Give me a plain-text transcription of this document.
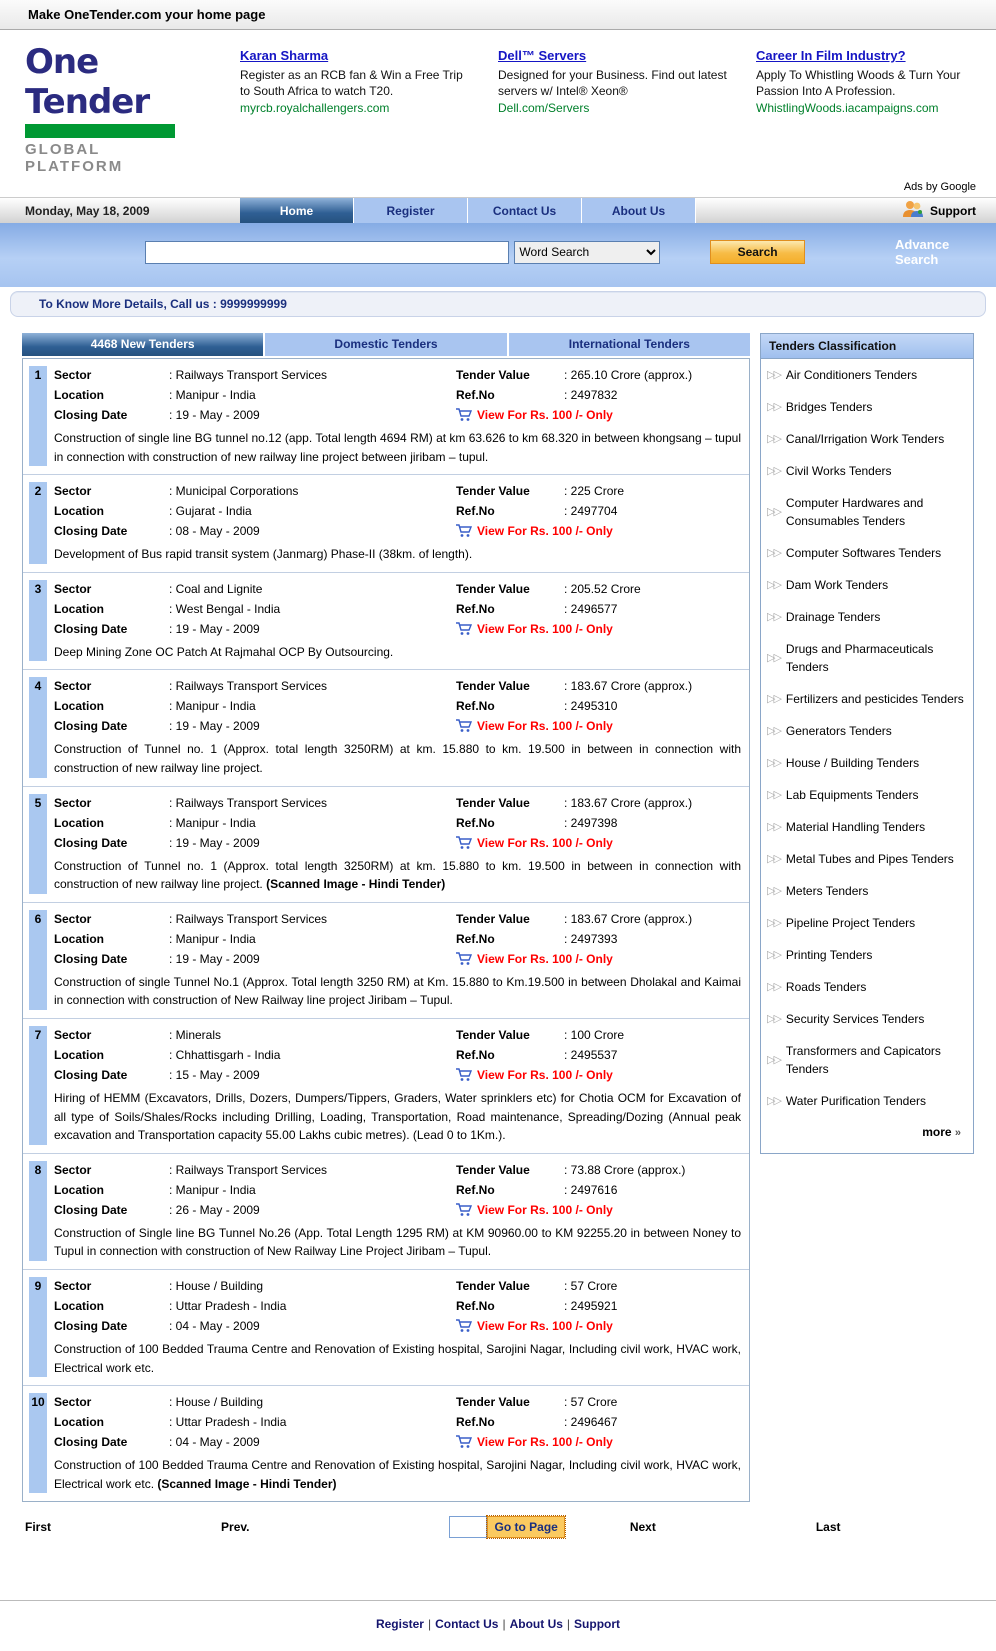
Make OneTender.com your home page
One Tender
GLOBAL PLATFORM
Karan Sharma
Register as an RCB fan & Win a Free Trip to South Africa to watch T20.
myrcb.royalchallengers.com
Dell™ Servers
Designed for your Business. Find out latest servers w/ Intel® Xeon®
Dell.com/Servers
Career In Film Industry?
Apply To Whistling Woods & Turn Your Passion Into A Profession.
WhistlingWoods.iacampaigns.com
Ads by Google
Monday, May 18, 2009	Home	Register	Contact Us	About Us	Support
Word Search
Search	Advance Search
To Know More Details, Call us : 9999999999
4468 New Tenders	Domestic Tenders	International Tenders
1	Sector	: Railways Transport Services	Tender Value	: 265.10 Crore (approx.)
Location	: Manipur - India	Ref.No	: 2497832
Closing Date	: 19 - May - 2009	View For Rs. 100 /- Only
Construction of single line BG tunnel no.12 (app. Total length 4694 RM) at km 63.626 to km 68.320 in between khongsang – tupul in connection with construction of new railway line project between jiribam – tupul.
2	Sector	: Municipal Corporations	Tender Value	: 225 Crore
Location	: Gujarat - India	Ref.No	: 2497704
Closing Date	: 08 - May - 2009	View For Rs. 100 /- Only
Development of Bus rapid transit system (Janmarg) Phase-II (38km. of length).
3	Sector	: Coal and Lignite	Tender Value	: 205.52 Crore
Location	: West Bengal - India	Ref.No	: 2496577
Closing Date	: 19 - May - 2009	View For Rs. 100 /- Only
Deep Mining Zone OC Patch At Rajmahal OCP By Outsourcing.
4	Sector	: Railways Transport Services	Tender Value	: 183.67 Crore (approx.)
Location	: Manipur - India	Ref.No	: 2495310
Closing Date	: 19 - May - 2009	View For Rs. 100 /- Only
Construction of Tunnel no. 1 (Approx. total length 3250RM) at km. 15.880 to km. 19.500 in between in connection with construction of new railway line project.
5	Sector	: Railways Transport Services	Tender Value	: 183.67 Crore (approx.)
Location	: Manipur - India	Ref.No	: 2497398
Closing Date	: 19 - May - 2009	View For Rs. 100 /- Only
Construction of Tunnel no. 1 (Approx. total length 3250RM) at km. 15.880 to km. 19.500 in between in connection with construction of new railway line project. (Scanned Image - Hindi Tender)
6	Sector	: Railways Transport Services	Tender Value	: 183.67 Crore (approx.)
Location	: Manipur - India	Ref.No	: 2497393
Closing Date	: 19 - May - 2009	View For Rs. 100 /- Only
Construction of single Tunnel No.1 (Approx. Total length 3250 RM) at Km. 15.880 to Km.19.500 in between Dholakal and Kaimai in connection with construction of New Railway line project Jiribam – Tupul.
7	Sector	: Minerals	Tender Value	: 100 Crore
Location	: Chhattisgarh - India	Ref.No	: 2495537
Closing Date	: 15 - May - 2009	View For Rs. 100 /- Only
Hiring of HEMM (Excavators, Drills, Dozers, Dumpers/Tippers, Graders, Water sprinklers etc) for Chotia OCM for Excavation of all type of Soils/Shales/Rocks including Drilling, Loading, Transportation, Road maintenance, Spreading/Dozing (Annual peak excavation and Transportation capacity 55.00 Lakhs cubic metres). (Lead 0 to 1Km.).
8	Sector	: Railways Transport Services	Tender Value	: 73.88 Crore (approx.)
Location	: Manipur - India	Ref.No	: 2497616
Closing Date	: 26 - May - 2009	View For Rs. 100 /- Only
Construction of Single line BG Tunnel No.26 (App. Total Length 1295 RM) at KM 90960.00 to KM 92255.20 in between Noney to Tupul in connection with construction of New Railway Line Project Jiribam – Tupul.
9	Sector	: House / Building	Tender Value	: 57 Crore
Location	: Uttar Pradesh - India	Ref.No	: 2495921
Closing Date	: 04 - May - 2009	View For Rs. 100 /- Only
Construction of 100 Bedded Trauma Centre and Renovation of Existing hospital, Sarojini Nagar, Including civil work, HVAC work, Electrical work etc.
10 Sector	: House / Building	Tender Value	: 57 Crore
Location	: Uttar Pradesh - India	Ref.No	: 2496467
Closing Date	: 04 - May - 2009	View For Rs. 100 /- Only
Construction of 100 Bedded Trauma Centre and Renovation of Existing hospital, Sarojini Nagar, Including civil work, HVAC work, Electrical work etc. (Scanned Image - Hindi Tender)
Tenders Classification
▷▷ Air Conditioners Tenders
▷▷ Bridges Tenders
▷▷ Canal/Irrigation Work Tenders
▷▷ Civil Works Tenders
▷▷
Computer Hardwares and Consumables Tenders
▷▷ Computer Softwares Tenders
▷▷ Dam Work Tenders
▷▷ Drainage Tenders
▷▷
Drugs and Pharmaceuticals Tenders
▷▷ Fertilizers and pesticides Tenders
▷▷ Generators Tenders
▷▷ House / Building Tenders
▷▷ Lab Equipments Tenders
▷▷ Material Handling Tenders
▷▷ Metal Tubes and Pipes Tenders
▷▷ Meters Tenders
▷▷ Pipeline Project Tenders
▷▷ Printing Tenders
▷▷ Roads Tenders
▷▷ Security Services Tenders
▷▷
Transformers and Capicators Tenders
▷▷ Water Purification Tenders
more »
First	Prev.	Go to Page	Next	Last
Register | Contact Us | About Us | Support
